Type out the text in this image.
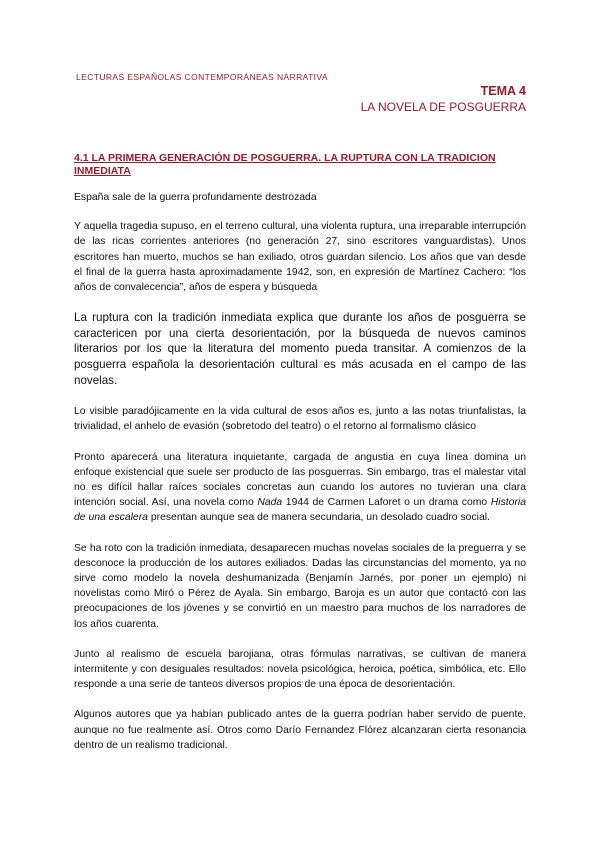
LECTURAS ESPAÑOLAS CONTEMPORÁNEAS NARRATIVA
TEMA 4
LA NOVELA DE POSGUERRA
4.1 LA PRIMERA GENERACIÓN DE POSGUERRA. LA RUPTURA CON LA TRADICION INMEDIATA

España sale de la guerra profundamente destrozada

Y aquella tragedia supuso, en el terreno cultural, una violenta ruptura, una irreparable interrupción de las ricas corrientes anteriores (no generación 27, sino escritores vanguardistas). Unos escritores han muerto, muchos se han exiliado, otros guardan silencio. Los años que van desde el final de la guerra hasta aproximadamente 1942, son, en expresión de Martínez Cachero: “los años de convalecencia”, años de espera y búsqueda

La ruptura con la tradición inmediata explica que durante los años de posguerra se caractericen por una cierta desorientación, por la búsqueda de nuevos caminos literarios por los que la literatura del momento pueda transitar. A comienzos de la posguerra española la desorientación cultural es más acusada en el campo de las novelas.

Lo visible paradójicamente en la vida cultural de esos años es, junto a las notas triunfalistas, la trivialidad, el anhelo de evasión (sobretodo del teatro) o el retorno al formalismo clásico

Pronto aparecerá una literatura inquietante, cargada de angustia en cuya línea domina un enfoque existencial que suele ser producto de las posguerras. Sin embargo, tras el malestar vital no es difícil hallar raíces sociales concretas aun cuando los autores no tuvieran una clara intención social. Así, una novela como Nada 1944 de Carmen Laforet o un drama como Historia de una escalera presentan aunque sea de manera secundaria, un desolado cuadro social.

Se ha roto con la tradición inmediata, desaparecen muchas novelas sociales de la preguerra y se desconoce la producción de los autores exiliados. Dadas las circunstancias del momento, ya no sirve como modelo la novela deshumanizada (Benjamín Jarnés, por poner un ejemplo) ni novelistas como Miró o Pérez de Ayala. Sin embargo, Baroja es un autor que contactó con las preocupaciones de los jóvenes y se convirtió en un maestro para muchos de los narradores de los años cuarenta.

Junto al realismo de escuela barojiana, otras fórmulas narrativas, se cultivan de manera intermitente y con desiguales resultados: novela psicológica, heroica, poética, simbólica, etc. Ello responde a una serie de tanteos diversos propios de una época de desorientación.

Algunos autores que ya habían publicado antes de la guerra podrían haber servido de puente, aunque no fue realmente así. Otros como Darío Fernandez Flórez alcanzaran cierta resonancia dentro de un realismo tradicional.
